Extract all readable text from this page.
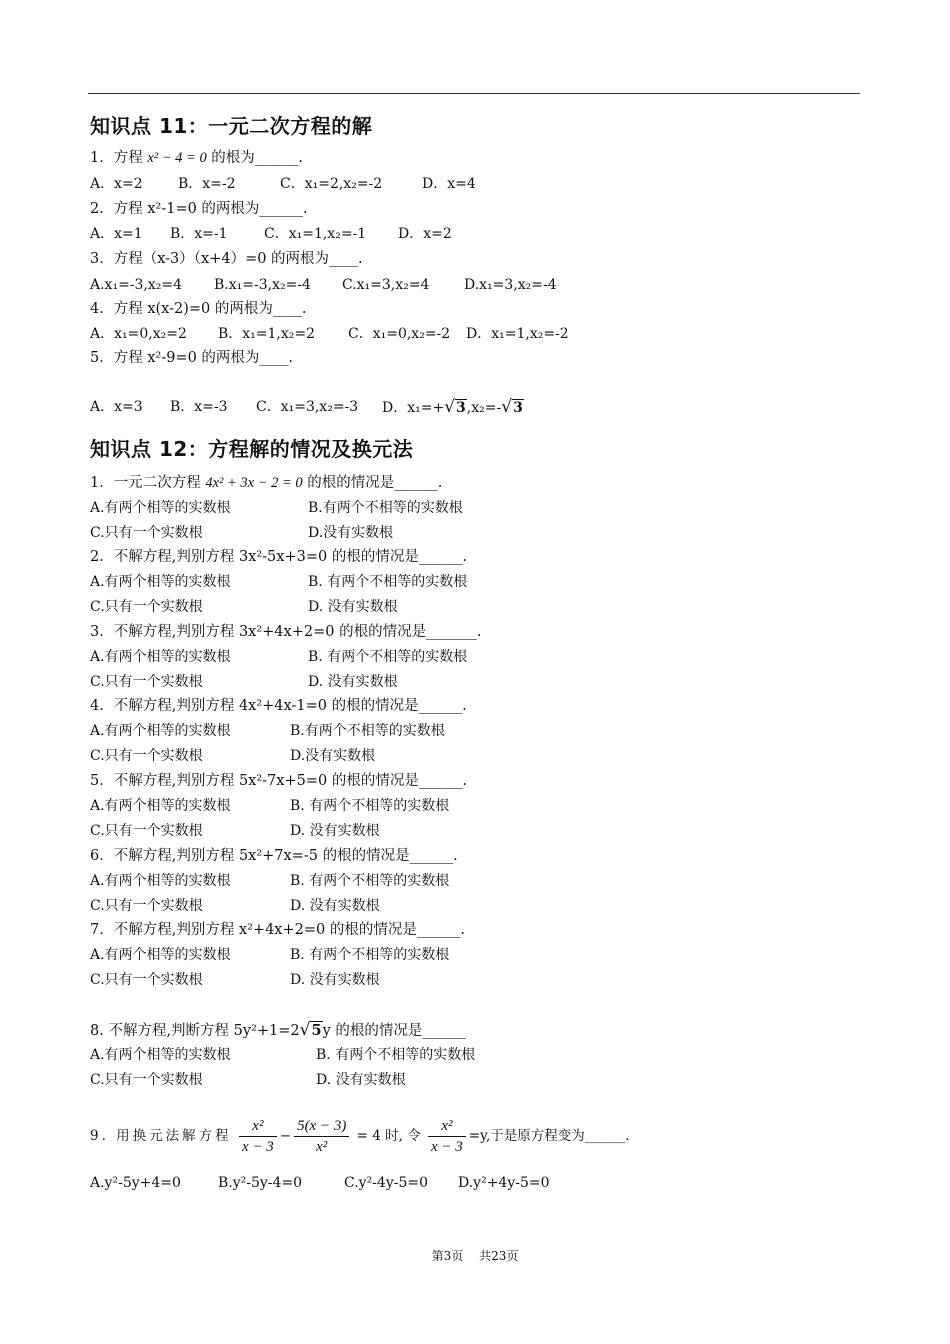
知识点 11：一元二次方程的解
1．方程 x² − 4 = 0 的根为______.
A．x=2	B．x=-2	C．x₁=2,x₂=-2	D．x=4
2．方程 x²-1=0 的两根为______.
A．x=1 B．x=-1	C．x₁=1,x₂=-1 D．x=2
3．方程（x-3）（x+4）=0 的两根为____.
A.x₁=-3,x₂=4 B.x₁=-3,x₂=-4 C.x₁=3,x₂=4 D.x₁=3,x₂=-4
4．方程 x(x-2)=0 的两根为____.
A．x₁=0,x₂=2 B．x₁=1,x₂=2 C．x₁=0,x₂=-2 D．x₁=1,x₂=-2
5．方程 x²-9=0 的两根为____.
A．x=3 B．x=-3 C．x₁=3,x₂=-3 D．x₁=+√3,x₂=-√3
知识点 12：方程解的情况及换元法
1．一元二次方程 4x² + 3x − 2 = 0 的根的情况是______.
A.有两个相等的实数根	B.有两个不相等的实数根
C.只有一个实数根	D.没有实数根
2．不解方程,判别方程 3x²-5x+3=0 的根的情况是______.
A.有两个相等的实数根	B. 有两个不相等的实数根
C.只有一个实数根	D. 没有实数根
3．不解方程,判别方程 3x²+4x+2=0 的根的情况是_______.
A.有两个相等的实数根	B. 有两个不相等的实数根
C.只有一个实数根	D. 没有实数根
4．不解方程,判别方程 4x²+4x-1=0 的根的情况是______.
A.有两个相等的实数根	B.有两个不相等的实数根
C.只有一个实数根	D.没有实数根
5．不解方程,判别方程 5x²-7x+5=0 的根的情况是______.
A.有两个相等的实数根	B. 有两个不相等的实数根
C.只有一个实数根	D. 没有实数根
6．不解方程,判别方程 5x²+7x=-5 的根的情况是______.
A.有两个相等的实数根	B. 有两个不相等的实数根
C.只有一个实数根	D. 没有实数根
7．不解方程,判别方程 x²+4x+2=0 的根的情况是______.
A.有两个相等的实数根	B. 有两个不相等的实数根
C.只有一个实数根	D. 没有实数根
8. 不解方程,判断方程 5y²+1=2√5y 的根的情况是______
A.有两个相等的实数根	B. 有两个不相等的实数根
C.只有一个实数根	D. 没有实数根
9. 用换元法解方程 $\frac{\text{x²}}{x - 3} - \frac{5(x - 3)}{\text{x²}} = 4$ 时, 令 $\frac{\text{x²}}{x - 3} =y$,于是原方程变为______.
A.y²-5y+4=0	B.y²-5y-4=0	C.y²-4y-5=0 D.y²+4y-5=0
第3页 共23页
